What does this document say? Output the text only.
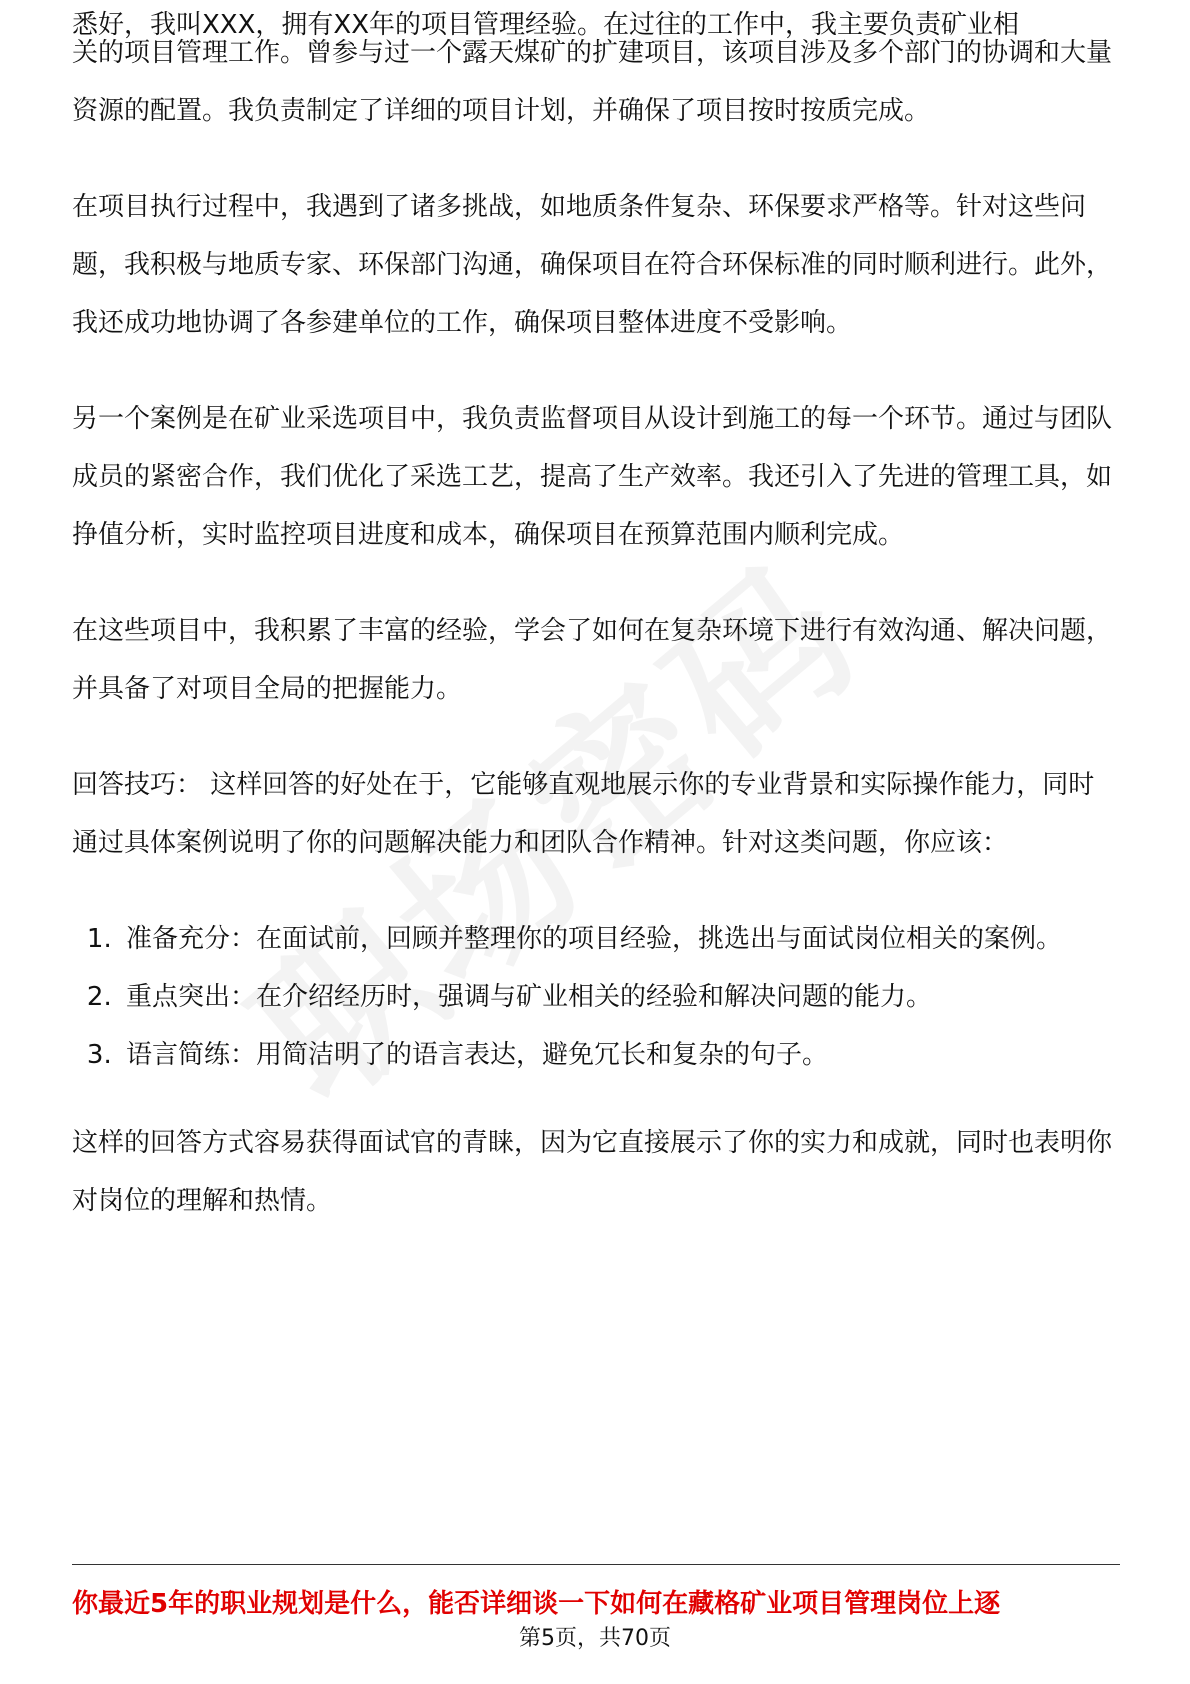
悉好，我叫XXX，拥有XX年的项目管理经验。在过往的工作中，我主要负责矿业相

关的项目管理工作。曾参与过一个露天煤矿的扩建项目，该项目涉及多个部门的协调和大量资源的配置。我负责制定了详细的项目计划，并确保了项目按时按质完成。

在项目执行过程中，我遇到了诸多挑战，如地质条件复杂、环保要求严格等。针对这些问题，我积极与地质专家、环保部门沟通，确保项目在符合环保标准的同时顺利进行。此外，我还成功地协调了各参建单位的工作，确保项目整体进度不受影响。

另一个案例是在矿业采选项目中，我负责监督项目从设计到施工的每一个环节。通过与团队成员的紧密合作，我们优化了采选工艺，提高了生产效率。我还引入了先进的管理工具，如挣值分析，实时监控项目进度和成本，确保项目在预算范围内顺利完成。

在这些项目中，我积累了丰富的经验，学会了如何在复杂环境下进行有效沟通、解决问题，并具备了对项目全局的把握能力。

回答技巧： 这样回答的好处在于，它能够直观地展示你的专业背景和实际操作能力，同时通过具体案例说明了你的问题解决能力和团队合作精神。针对这类问题，你应该：

1. 准备充分：在面试前，回顾并整理你的项目经验，挑选出与面试岗位相关的案例。
2. 重点突出：在介绍经历时，强调与矿业相关的经验和解决问题的能力。
3. 语言简练：用简洁明了的语言表达，避免冗长和复杂的句子。

这样的回答方式容易获得面试官的青睐，因为它直接展示了你的实力和成就，同时也表明你对岗位的理解和热情。

你最近5年的职业规划是什么，能否详细谈一下如何在藏格矿业项目管理岗位上逐
第5页，共70页
